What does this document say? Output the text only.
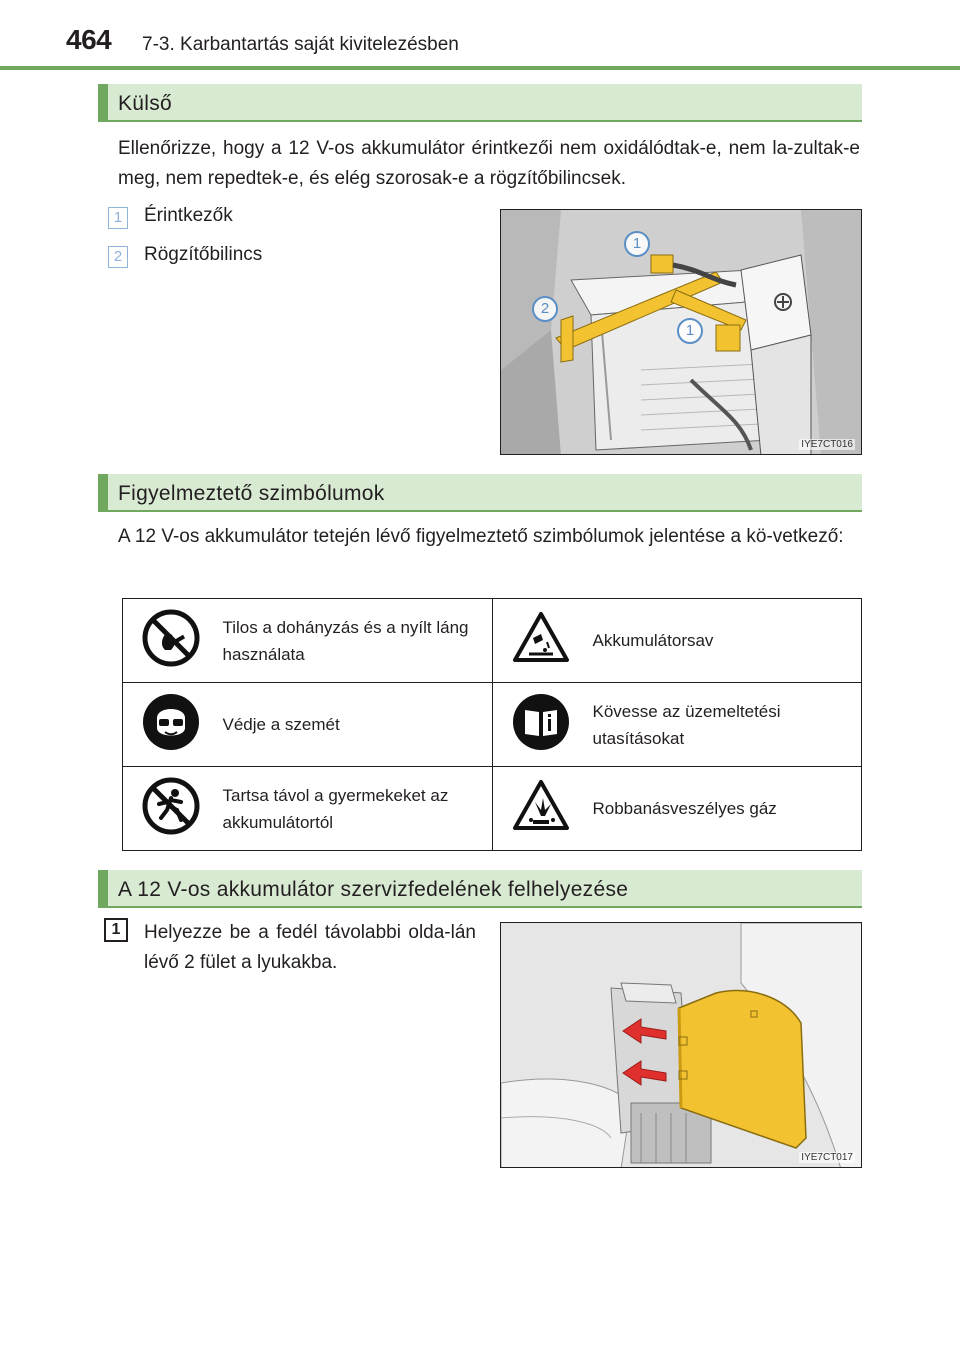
464 7-3. Karbantartás saját kivitelezésben
Külső
Ellenőrizze, hogy a 12 V-os akkumulátor érintkezői nem oxidálódtak-e, nem la-zultak-e meg, nem repedtek-e, és elég szorosak-e a rögzítőbilincsek.
1	Érintkezők
2	Rögzítőbilincs
1
2
1
IYE7CT016
Figyelmeztető szimbólumok
A 12 V-os akkumulátor tetején lévő figyelmeztető szimbólumok jelentése a kö-vetkező:
	Tilos a dohányzás és a nyílt láng használata		Akkumulátorsav
	Védje a szemét		Kövesse az üzemeltetési utasításokat
	Tartsa távol a gyermekeket az akkumulátortól		Robbanásveszélyes gáz
A 12 V-os akkumulátor szervizfedelének felhelyezése
1	Helyezze be a fedél távolabbi olda-lán lévő 2 fület a lyukakba.
IYE7CT017
